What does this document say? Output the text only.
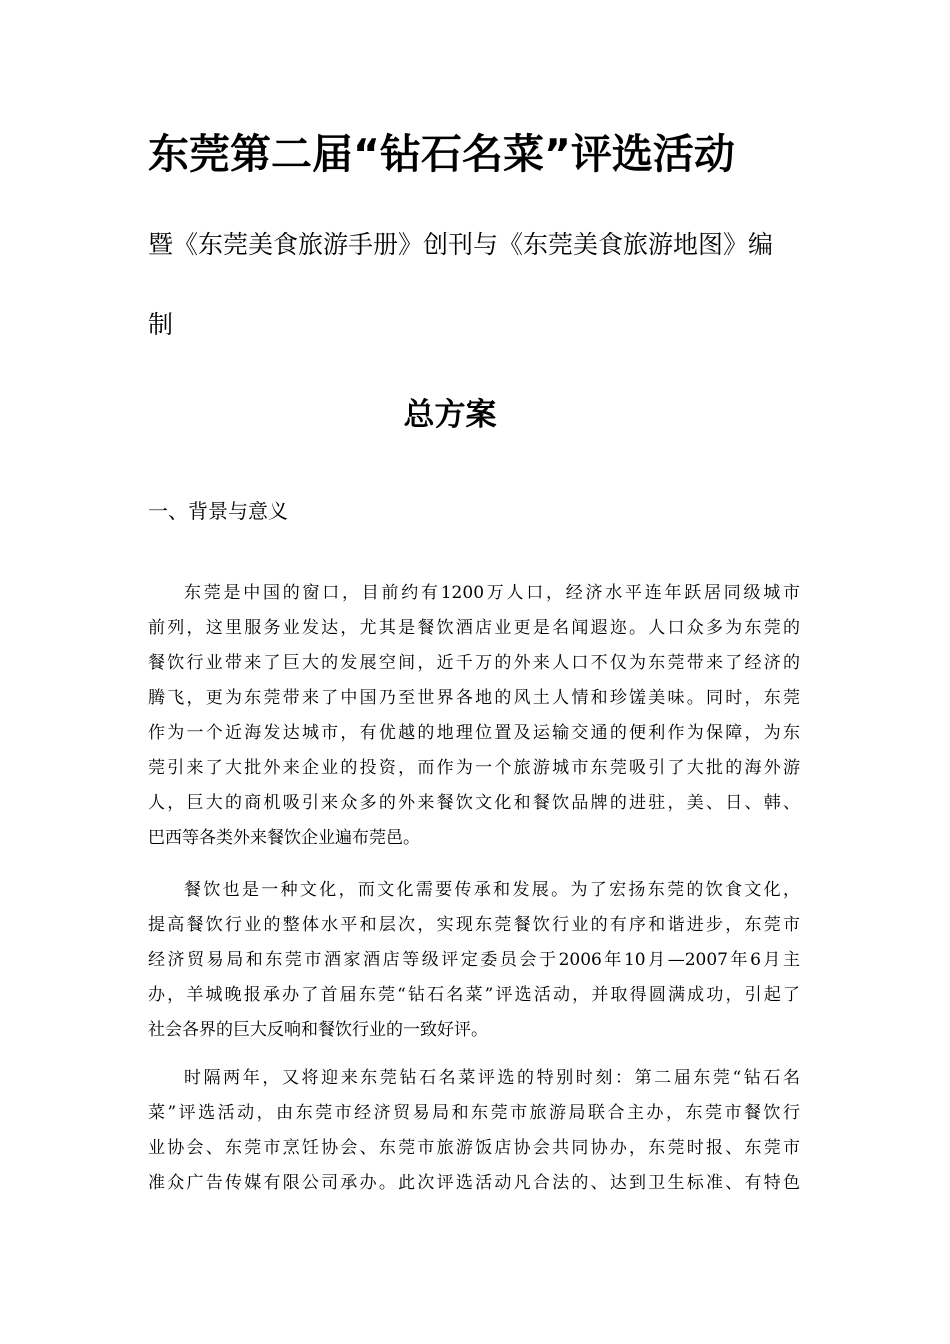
东莞第二届“钻石名菜”评选活动
暨《东莞美食旅游手册》创刊与《东莞美食旅游地图》编
制
总方案
一、背景与意义
东莞是中国的窗口，目前约有1200万人口，经济水平连年跃居同级城市
前列，这里服务业发达，尤其是餐饮酒店业更是名闻遐迩。人口众多为东莞的
餐饮行业带来了巨大的发展空间，近千万的外来人口不仅为东莞带来了经济的
腾飞，更为东莞带来了中国乃至世界各地的风土人情和珍馐美味。同时，东莞
作为一个近海发达城市，有优越的地理位置及运输交通的便利作为保障，为东
莞引来了大批外来企业的投资，而作为一个旅游城市东莞吸引了大批的海外游
人，巨大的商机吸引来众多的外来餐饮文化和餐饮品牌的进驻，美、日、韩、
巴西等各类外来餐饮企业遍布莞邑。
餐饮也是一种文化，而文化需要传承和发展。为了宏扬东莞的饮食文化，
提高餐饮行业的整体水平和层次，实现东莞餐饮行业的有序和谐进步，东莞市
经济贸易局和东莞市酒家酒店等级评定委员会于2006年10月—2007年6月主
办，羊城晚报承办了首届东莞“钻石名菜”评选活动，并取得圆满成功，引起了
社会各界的巨大反响和餐饮行业的一致好评。
时隔两年，又将迎来东莞钻石名菜评选的特别时刻：第二届东莞“钻石名
菜”评选活动，由东莞市经济贸易局和东莞市旅游局联合主办，东莞市餐饮行
业协会、东莞市烹饪协会、东莞市旅游饭店协会共同协办，东莞时报、东莞市
准众广告传媒有限公司承办。此次评选活动凡合法的、达到卫生标准、有特色
